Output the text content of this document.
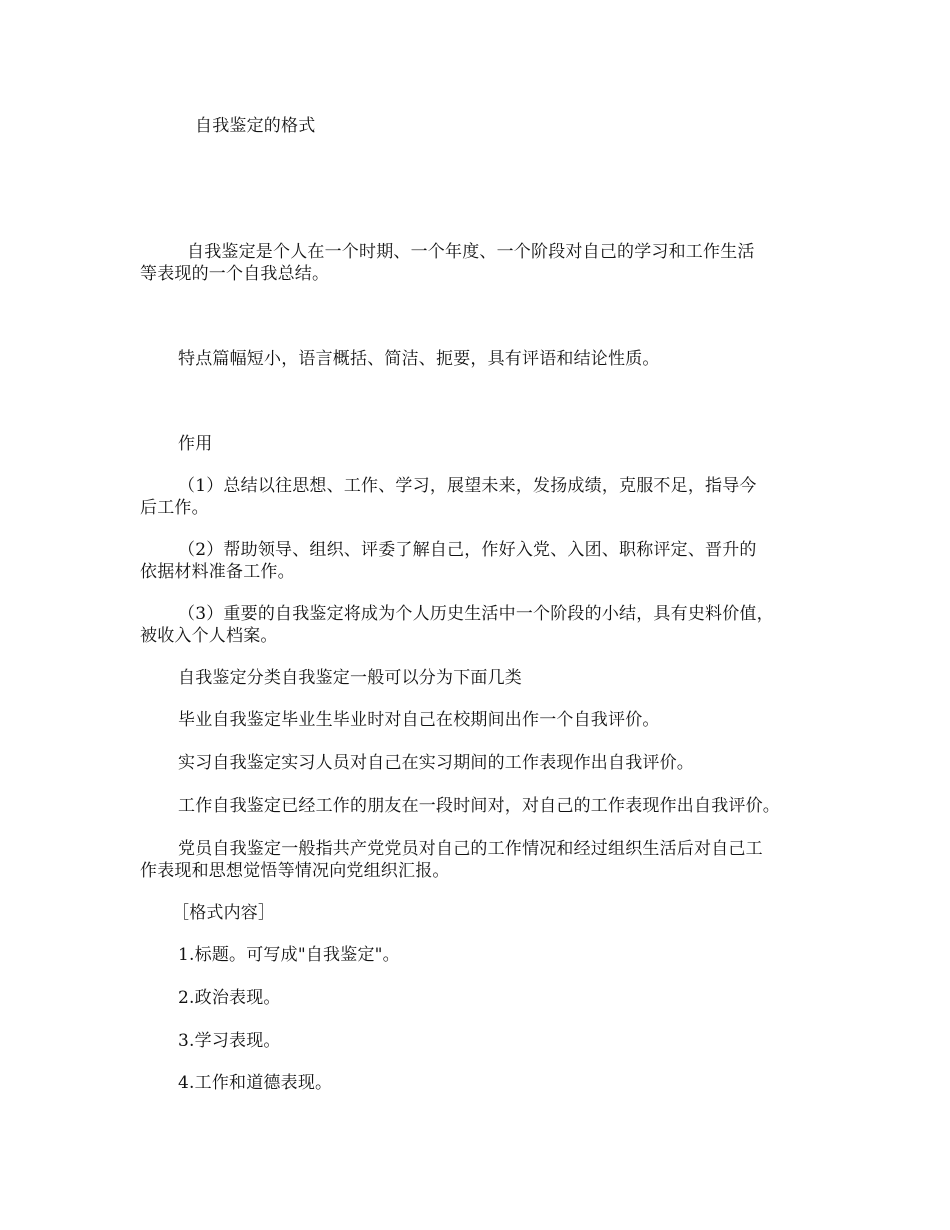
自我鉴定的格式
自我鉴定是个人在一个时期、一个年度、一个阶段对自己的学习和工作生活
等表现的一个自我总结。
特点篇幅短小，语言概括、简洁、扼要，具有评语和结论性质。
作用
（1）总结以往思想、工作、学习，展望未来，发扬成绩，克服不足，指导今
后工作。
（2）帮助领导、组织、评委了解自己，作好入党、入团、职称评定、晋升的
依据材料准备工作。
（3）重要的自我鉴定将成为个人历史生活中一个阶段的小结，具有史料价值，
被收入个人档案。
自我鉴定分类自我鉴定一般可以分为下面几类
毕业自我鉴定毕业生毕业时对自己在校期间出作一个自我评价。
实习自我鉴定实习人员对自己在实习期间的工作表现作出自我评价。
工作自我鉴定已经工作的朋友在一段时间对，对自己的工作表现作出自我评价。
党员自我鉴定一般指共产党党员对自己的工作情况和经过组织生活后对自己工
作表现和思想觉悟等情况向党组织汇报。
［格式内容］
1.标题。可写成"自我鉴定"。
2.政治表现。
3.学习表现。
4.工作和道德表现。
